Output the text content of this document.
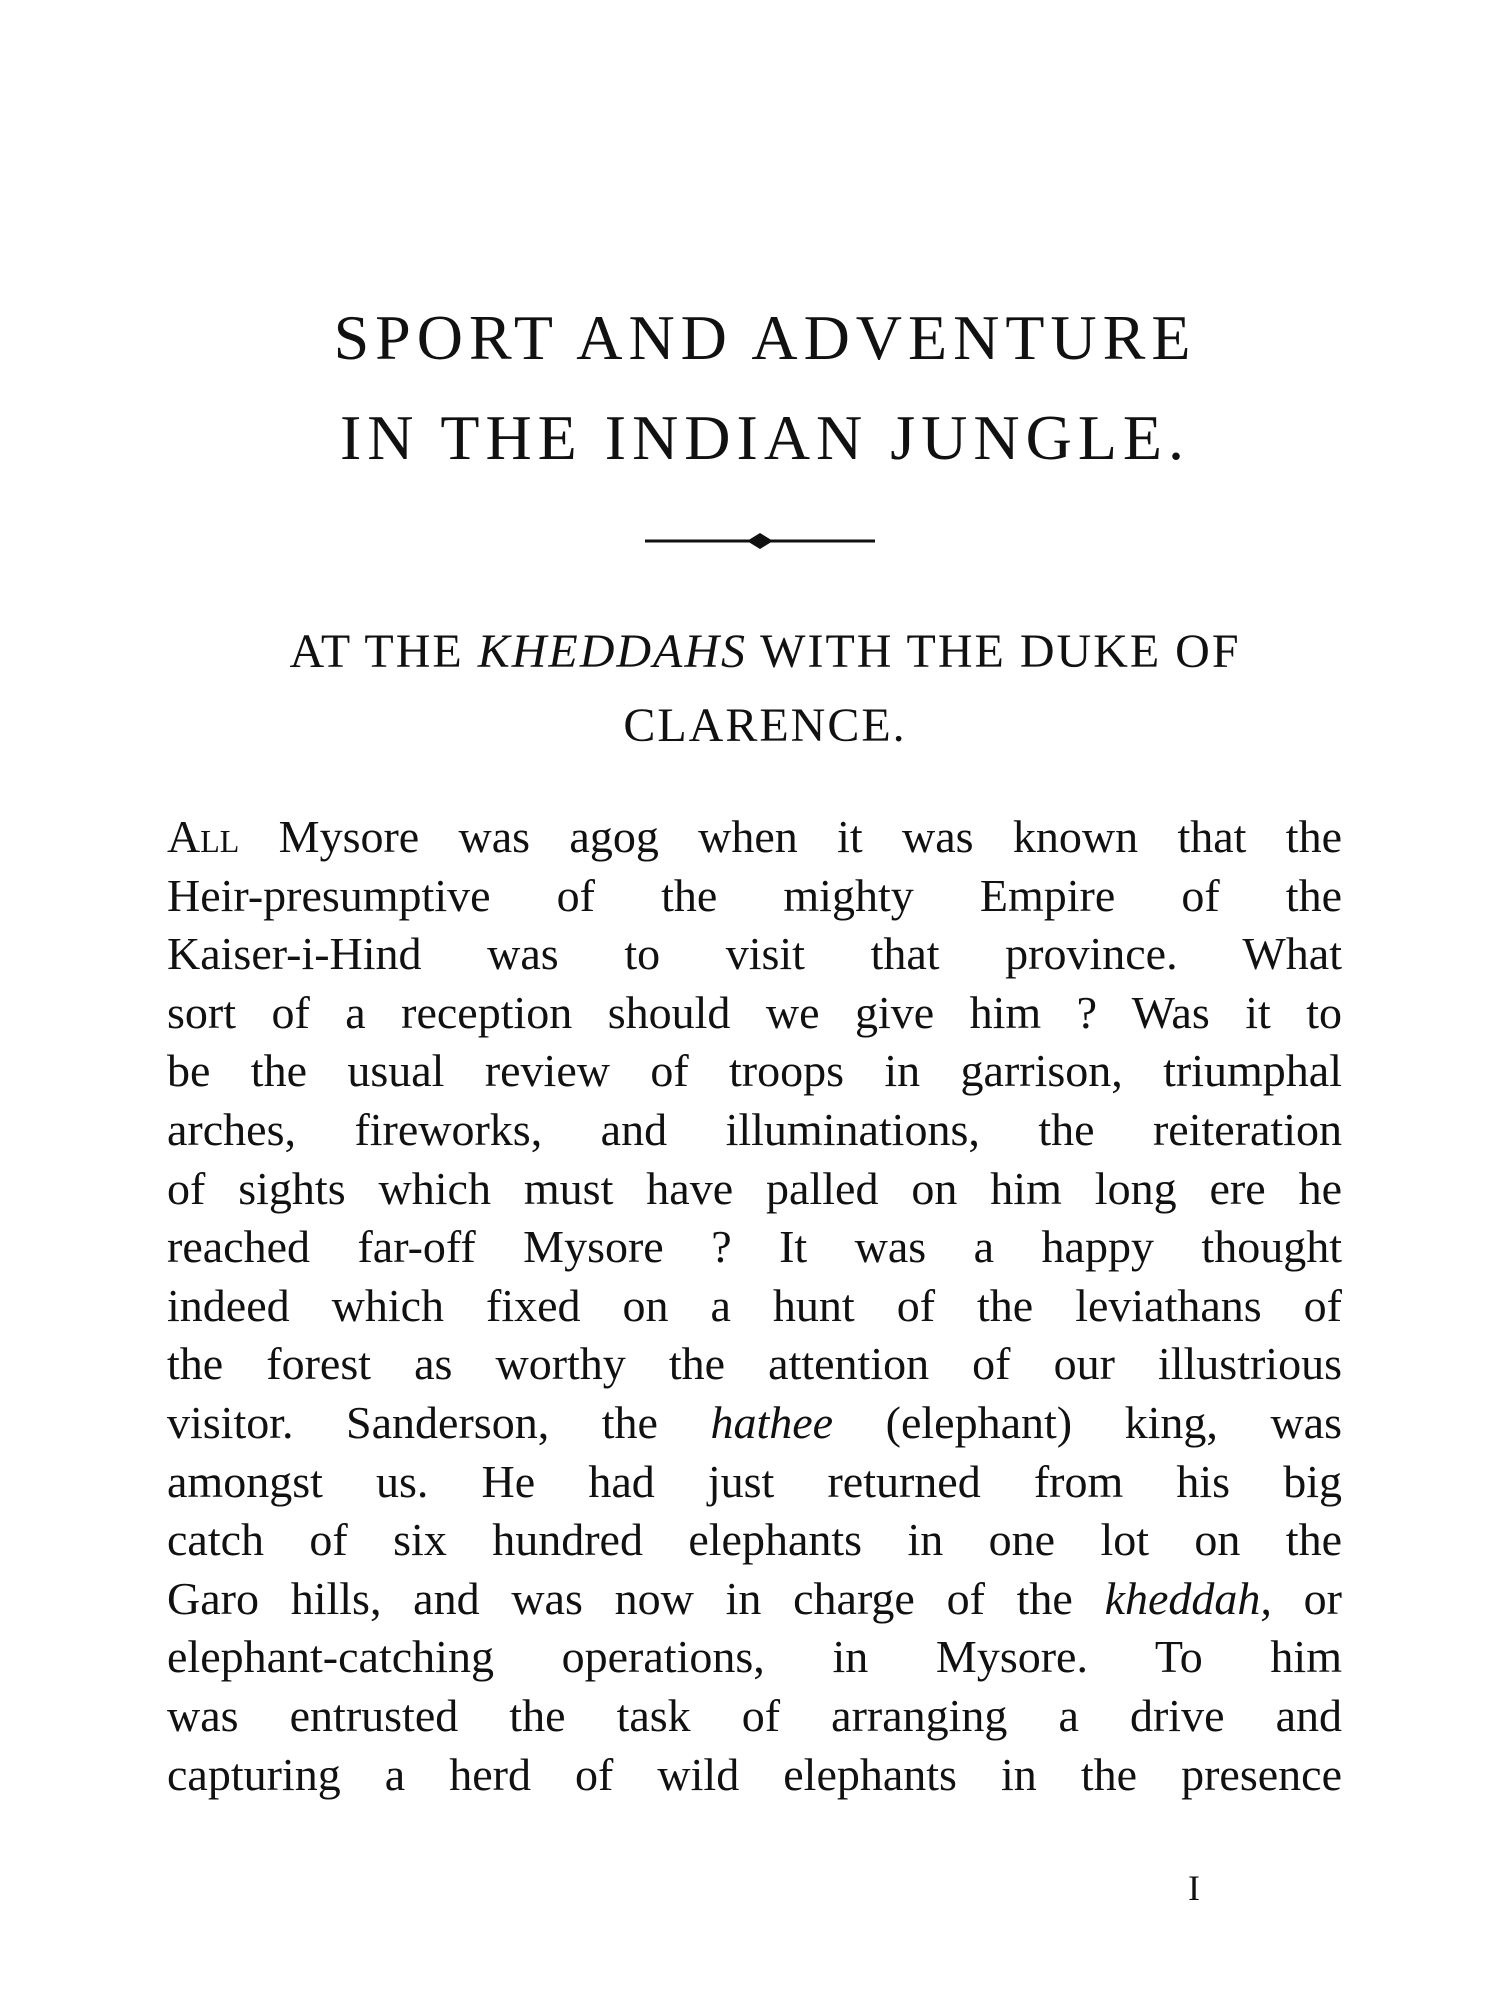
SPORT AND ADVENTURE
IN THE INDIAN JUNGLE.
AT THE KHEDDAHS WITH THE DUKE OF CLARENCE.
All Mysore was agog when it was known that the
Heir-presumptive of the mighty Empire of the
Kaiser-i-Hind was to visit that province. What
sort of a reception should we give him ? Was it to
be the usual review of troops in garrison, triumphal
arches, fireworks, and illuminations, the reiteration
of sights which must have palled on him long ere he
reached far-off Mysore ? It was a happy thought
indeed which fixed on a hunt of the leviathans of
the forest as worthy the attention of our illustrious
visitor. Sanderson, the hathee (elephant) king, was
amongst us. He had just returned from his big
catch of six hundred elephants in one lot on the
Garo hills, and was now in charge of the kheddah, or
elephant-catching operations, in Mysore. To him
was entrusted the task of arranging a drive and
capturing a herd of wild elephants in the presence
I
